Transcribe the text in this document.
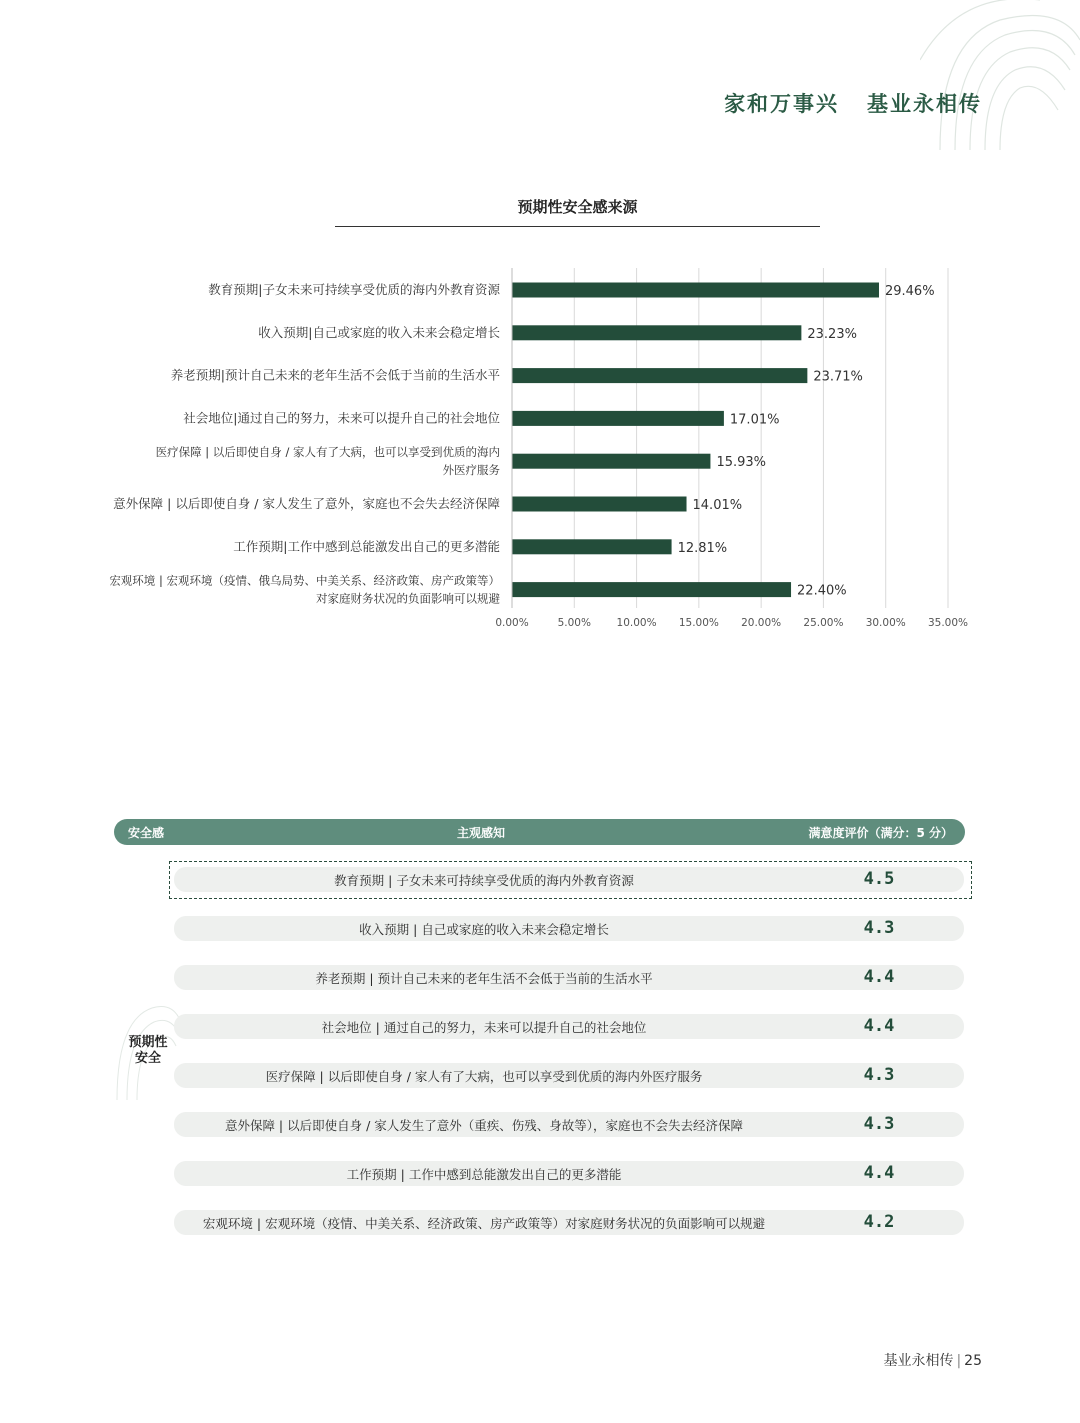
家和万事兴   基业永相传
预期性安全感来源
0.00%	5.00% 10.00% 15.00% 20.00% 25.00% 30.00% 35.00%
29.46%
教育预期|子女未来可持续享受优质的海内外教育资源
23.23%
收入预期|自己或家庭的收入未来会稳定增长
23.71%
养老预期|预计自己未来的老年生活不会低于当前的生活水平
17.01%
社会地位|通过自己的努力，未来可以提升自己的社会地位
15.93%
医疗保障 | 以后即使自身 / 家人有了大病，也可以享受到优质的海内
外医疗服务
14.01%
意外保障 | 以后即使自身 / 家人发生了意外，家庭也不会失去经济保障
12.81%
工作预期|工作中感到总能激发出自己的更多潜能
22.40%
宏观环境 | 宏观环境（疫情、俄乌局势、中美关系、经济政策、房产政策等）
对家庭财务状况的负面影响可以规避
安全感	主观感知	满意度评价（满分：5 分）
预期性
安全
教育预期 | 子女未来可持续享受优质的海内外教育资源	4.5
收入预期 | 自己或家庭的收入未来会稳定增长	4.3
养老预期 | 预计自己未来的老年生活不会低于当前的生活水平	4.4
社会地位 | 通过自己的努力，未来可以提升自己的社会地位	4.4
医疗保障 | 以后即使自身 / 家人有了大病，也可以享受到优质的海内外医疗服务	4.3
意外保障 | 以后即使自身 / 家人发生了意外（重疾、伤残、身故等），家庭也不会失去经济保障	4.3
工作预期 | 工作中感到总能激发出自己的更多潜能	4.4
宏观环境 | 宏观环境（疫情、中美关系、经济政策、房产政策等）对家庭财务状况的负面影响可以规避	4.2
基业永相传 | 25
